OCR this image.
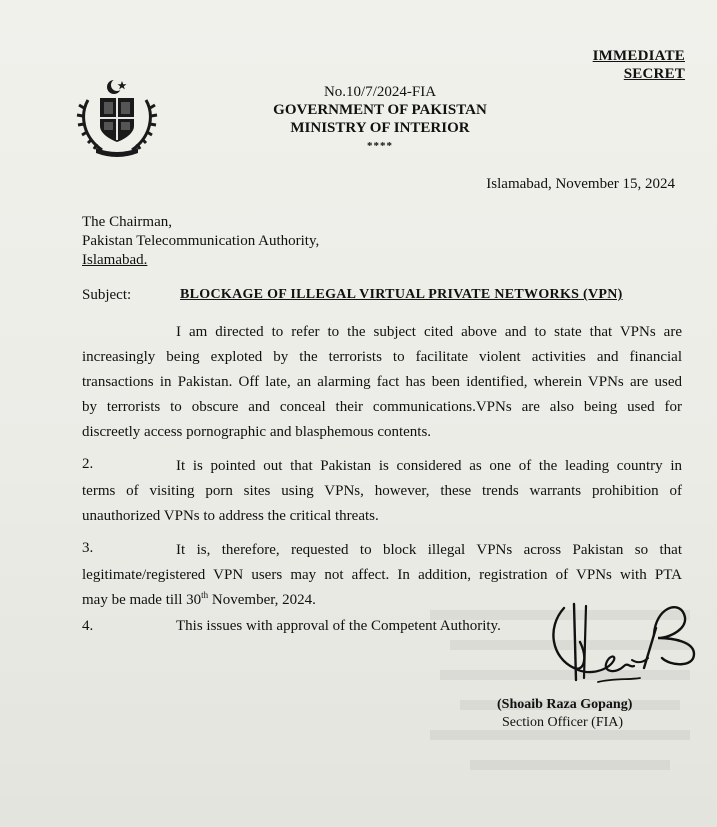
IMMEDIATE
SECRET
No.10/7/2024-FIA
GOVERNMENT OF PAKISTAN
MINISTRY OF INTERIOR
****
Islamabad, November 15, 2024
The Chairman,
Pakistan Telecommunication Authority,
Islamabad.
Subject:	BLOCKAGE OF ILLEGAL VIRTUAL PRIVATE NETWORKS (VPN)
I am directed to refer to the subject cited above and to state that VPNs are
increasingly being exploted by the terrorists to facilitate violent activities and financial
transactions in Pakistan. Off late, an alarming fact has been identified, wherein VPNs are used
by terrorists to obscure and conceal their communications.VPNs are also being used for
discreetly access pornographic and blasphemous contents.
2.	It is pointed out that Pakistan is considered as one of the leading country in
terms of visiting porn sites using VPNs, however, these trends warrants prohibition of
unauthorized VPNs to address the critical threats.
3.	It is, therefore, requested to block illegal VPNs across Pakistan so that
legitimate/registered VPN users may not affect. In addition, registration of VPNs with PTA
may be made till 30th November, 2024.
4.	This issues with approval of the Competent Authority.
(Shoaib Raza Gopang)
Section Officer (FIA)
